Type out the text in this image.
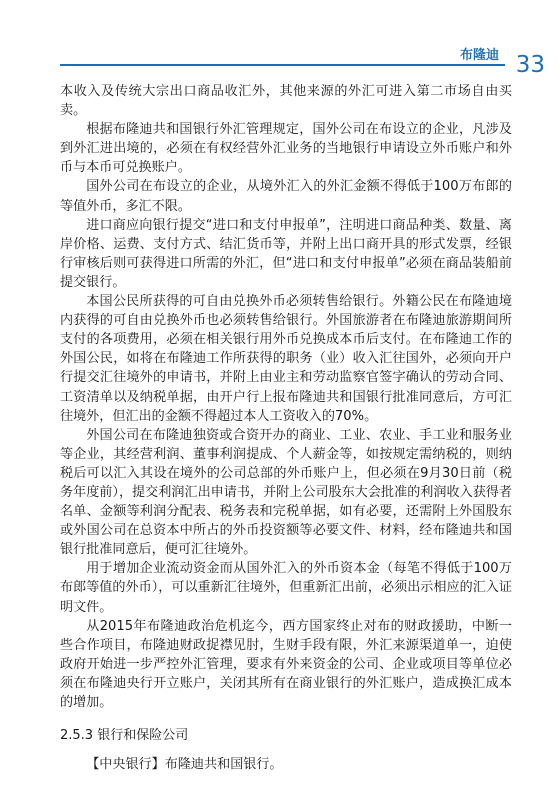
布隆迪 33

本收入及传统大宗出口商品收汇外，其他来源的外汇可进入第二市场自由买卖。

根据布隆迪共和国银行外汇管理规定，国外公司在布设立的企业，凡涉及到外汇进出境的，必须在有权经营外汇业务的当地银行申请设立外币账户和外币与本币可兑换账户。

国外公司在布设立的企业，从境外汇入的外汇金额不得低于100万布郎的等值外币，多汇不限。

进口商应向银行提交“进口和支付申报单”，注明进口商品种类、数量、离岸价格、运费、支付方式、结汇货币等，并附上出口商开具的形式发票，经银行审核后则可获得进口所需的外汇，但“进口和支付申报单”必须在商品装船前提交银行。

本国公民所获得的可自由兑换外币必须转售给银行。外籍公民在布隆迪境内获得的可自由兑换外币也必须转售给银行。外国旅游者在布隆迪旅游期间所支付的各项费用，必须在相关银行用外币兑换成本币后支付。在布隆迪工作的外国公民，如将在布隆迪工作所获得的职务（业）收入汇往国外，必须向开户行提交汇往境外的申请书，并附上由业主和劳动监察官签字确认的劳动合同、工资清单以及纳税单据，由开户行上报布隆迪共和国银行批准同意后，方可汇往境外，但汇出的金额不得超过本人工资收入的70%。

外国公司在布隆迪独资或合资开办的商业、工业、农业、手工业和服务业等企业，其经营利润、董事利润提成、个人薪金等，如按规定需纳税的，则纳税后可以汇入其设在境外的公司总部的外币账户上，但必须在9月30日前（税务年度前），提交利润汇出申请书，并附上公司股东大会批准的利润收入获得者名单、金额等利润分配表、税务表和完税单据，如有必要，还需附上外国股东或外国公司在总资本中所占的外币投资额等必要文件、材料，经布隆迪共和国银行批准同意后，便可汇往境外。

用于增加企业流动资金而从国外汇入的外币资本金（每笔不得低于100万布郎等值的外币），可以重新汇往境外，但重新汇出前，必须出示相应的汇入证明文件。

从2015年布隆迪政治危机迄今，西方国家终止对布的财政援助，中断一些合作项目，布隆迪财政捉襟见肘，生财手段有限，外汇来源渠道单一，迫使政府开始进一步严控外汇管理，要求有外来资金的公司、企业或项目等单位必须在布隆迪央行开立账户，关闭其所有在商业银行的外汇账户，造成换汇成本的增加。

2.5.3 银行和保险公司

【中央银行】布隆迪共和国银行。
